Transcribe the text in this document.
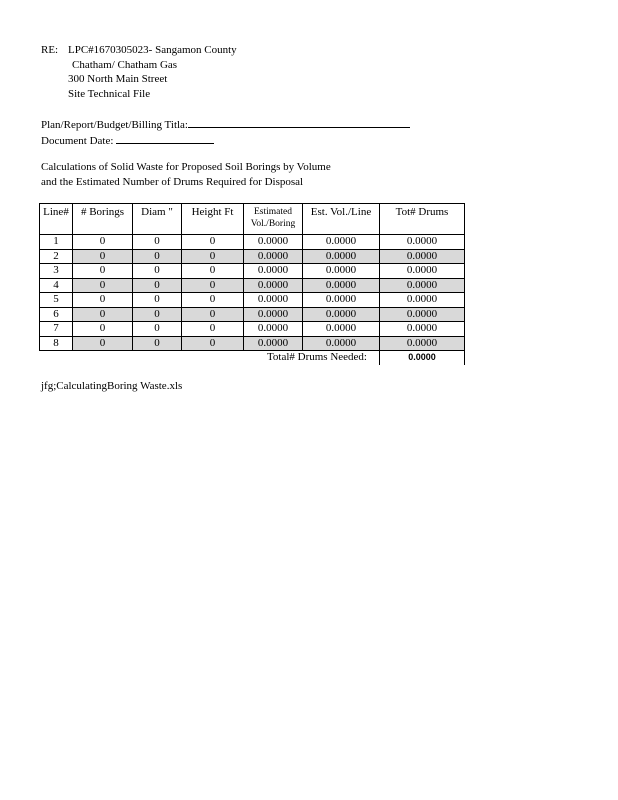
RE: LPC#1670305023- Sangamon County
Chatham/ Chatham Gas
300 North Main Street
Site Technical File
Plan/Report/Budget/Billing Titla:
Document Date:
Calculations of Solid Waste for Proposed Soil Borings by Volume
and the Estimated Number of Drums Required for Disposal
Line#	# Borings	Diam "	Height Ft	Estimated
Vol./Boring	Est. Vol./Line	Tot# Drums
1	0	0	0	0.0000	0.0000	0.0000
2	0	0	0	0.0000	0.0000	0.0000
3	0	0	0	0.0000	0.0000	0.0000
4	0	0	0	0.0000	0.0000	0.0000
5	0	0	0	0.0000	0.0000	0.0000
6	0	0	0	0.0000	0.0000	0.0000
7	0	0	0	0.0000	0.0000	0.0000
8	0	0	0	0.0000	0.0000	0.0000
Total# Drums Needed:						0.0000
jfg;CalculatingBoring Waste.xls
